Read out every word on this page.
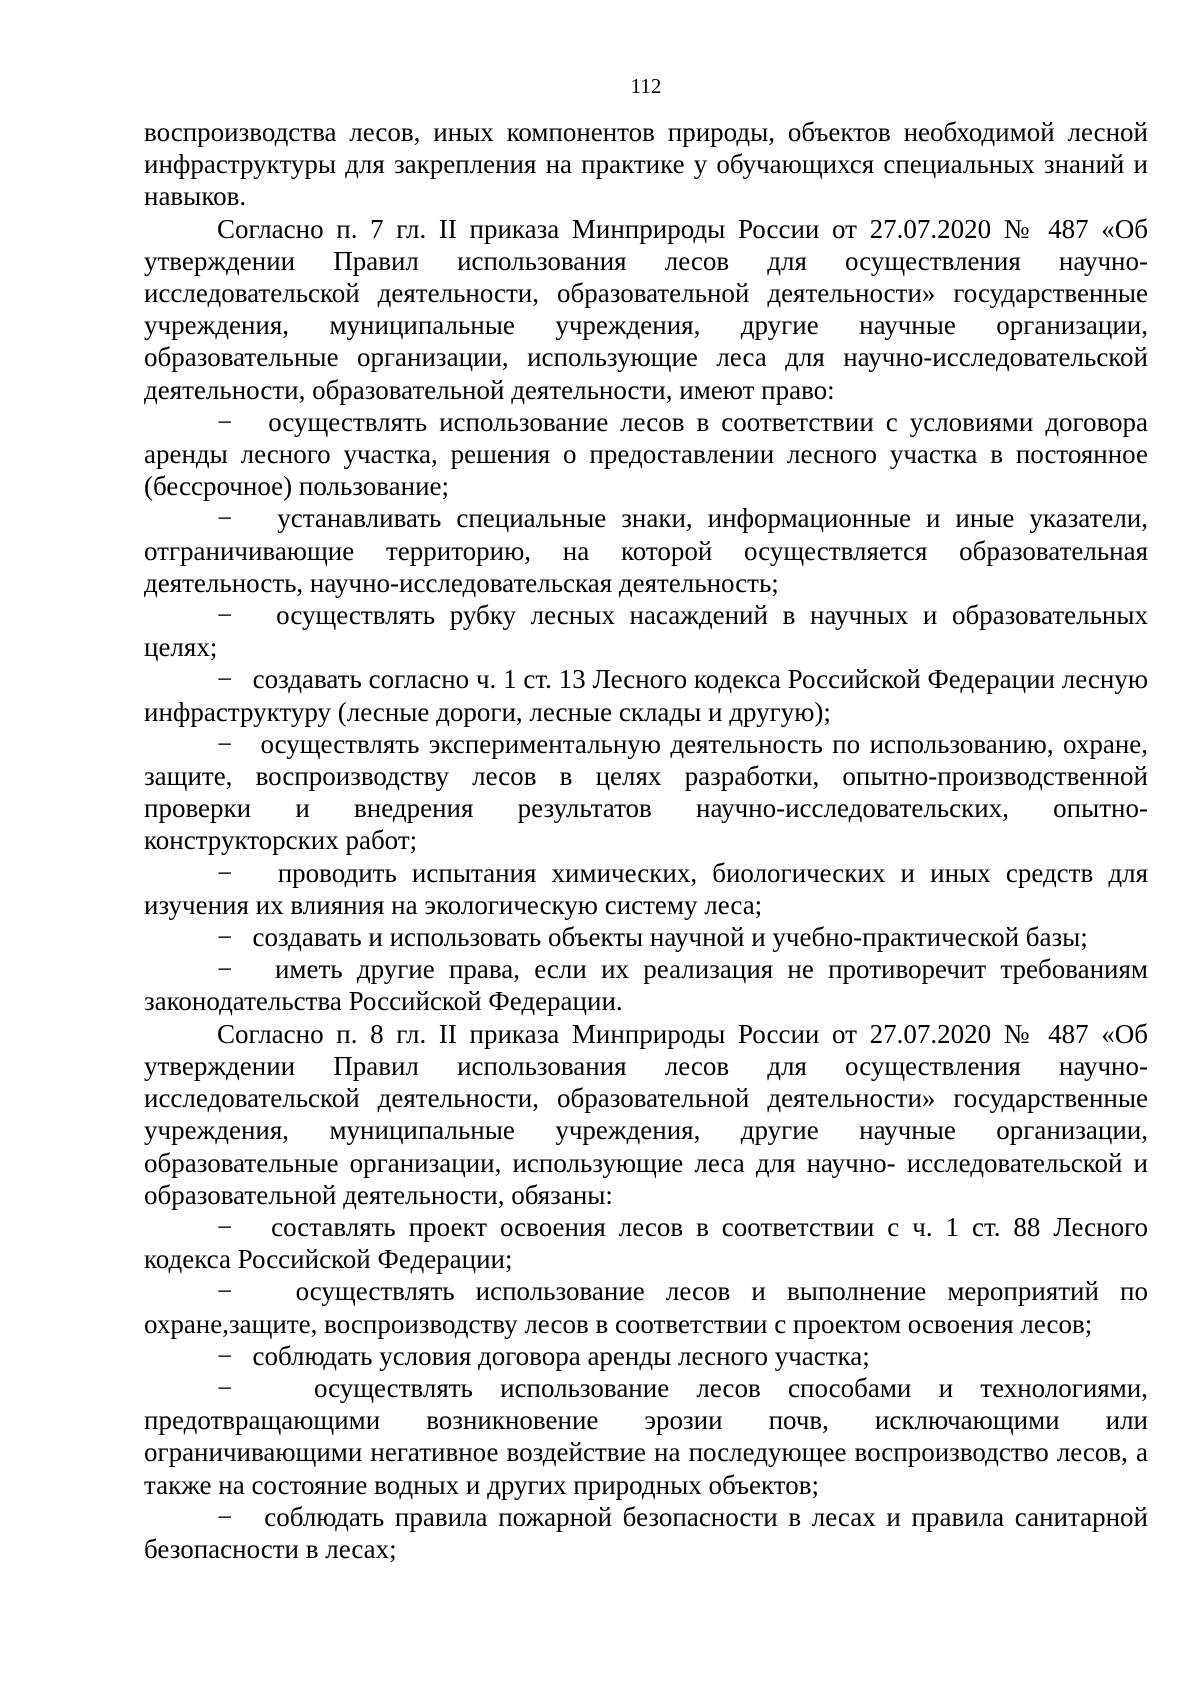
112

воспроизводства лесов, иных компонентов природы, объектов необходимой лесной инфраструктуры для закрепления на практике у обучающихся специальных знаний и навыков.

Согласно п. 7 гл. II приказа Минприроды России от 27.07.2020 № 487 «Об утверждении Правил использования лесов для осуществления научно-исследовательской деятельности, образовательной деятельности» государственные учреждения, муниципальные учреждения, другие научные организации, образовательные организации, использующие леса для научно-исследовательской деятельности, образовательной деятельности, имеют право:

− осуществлять использование лесов в соответствии с условиями договора аренды лесного участка, решения о предоставлении лесного участка в постоянное (бессрочное) пользование;

− устанавливать специальные знаки, информационные и иные указатели, отграничивающие территорию, на которой осуществляется образовательная деятельность, научно-исследовательская деятельность;

− осуществлять рубку лесных насаждений в научных и образовательных целях;

− создавать согласно ч. 1 ст. 13 Лесного кодекса Российской Федерации лесную инфраструктуру (лесные дороги, лесные склады и другую);

− осуществлять экспериментальную деятельность по использованию, охране, защите, воспроизводству лесов в целях разработки, опытно-производственной проверки и внедрения результатов научно-исследовательских, опытно-конструкторских работ;

− проводить испытания химических, биологических и иных средств для изучения их влияния на экологическую систему леса;

− создавать и использовать объекты научной и учебно-практической базы;

− иметь другие права, если их реализация не противоречит требованиям законодательства Российской Федерации.

Согласно п. 8 гл. II приказа Минприроды России от 27.07.2020 № 487 «Об утверждении Правил использования лесов для осуществления научно-исследовательской деятельности, образовательной деятельности» государственные учреждения, муниципальные учреждения, другие научные организации, образовательные организации, использующие леса для научно- исследовательской и образовательной деятельности, обязаны:

− составлять проект освоения лесов в соответствии с ч. 1 ст. 88 Лесного кодекса Российской Федерации;

− осуществлять использование лесов и выполнение мероприятий по охране,защите, воспроизводству лесов в соответствии с проектом освоения лесов;

− соблюдать условия договора аренды лесного участка;

−	осуществлять использование лесов способами и технологиями, предотвращающими возникновение эрозии почв, исключающими или ограничивающими негативное воздействие на последующее воспроизводство лесов, а также на состояние водных и других природных объектов;

− соблюдать правила пожарной безопасности в лесах и правила санитарной безопасности в лесах;
